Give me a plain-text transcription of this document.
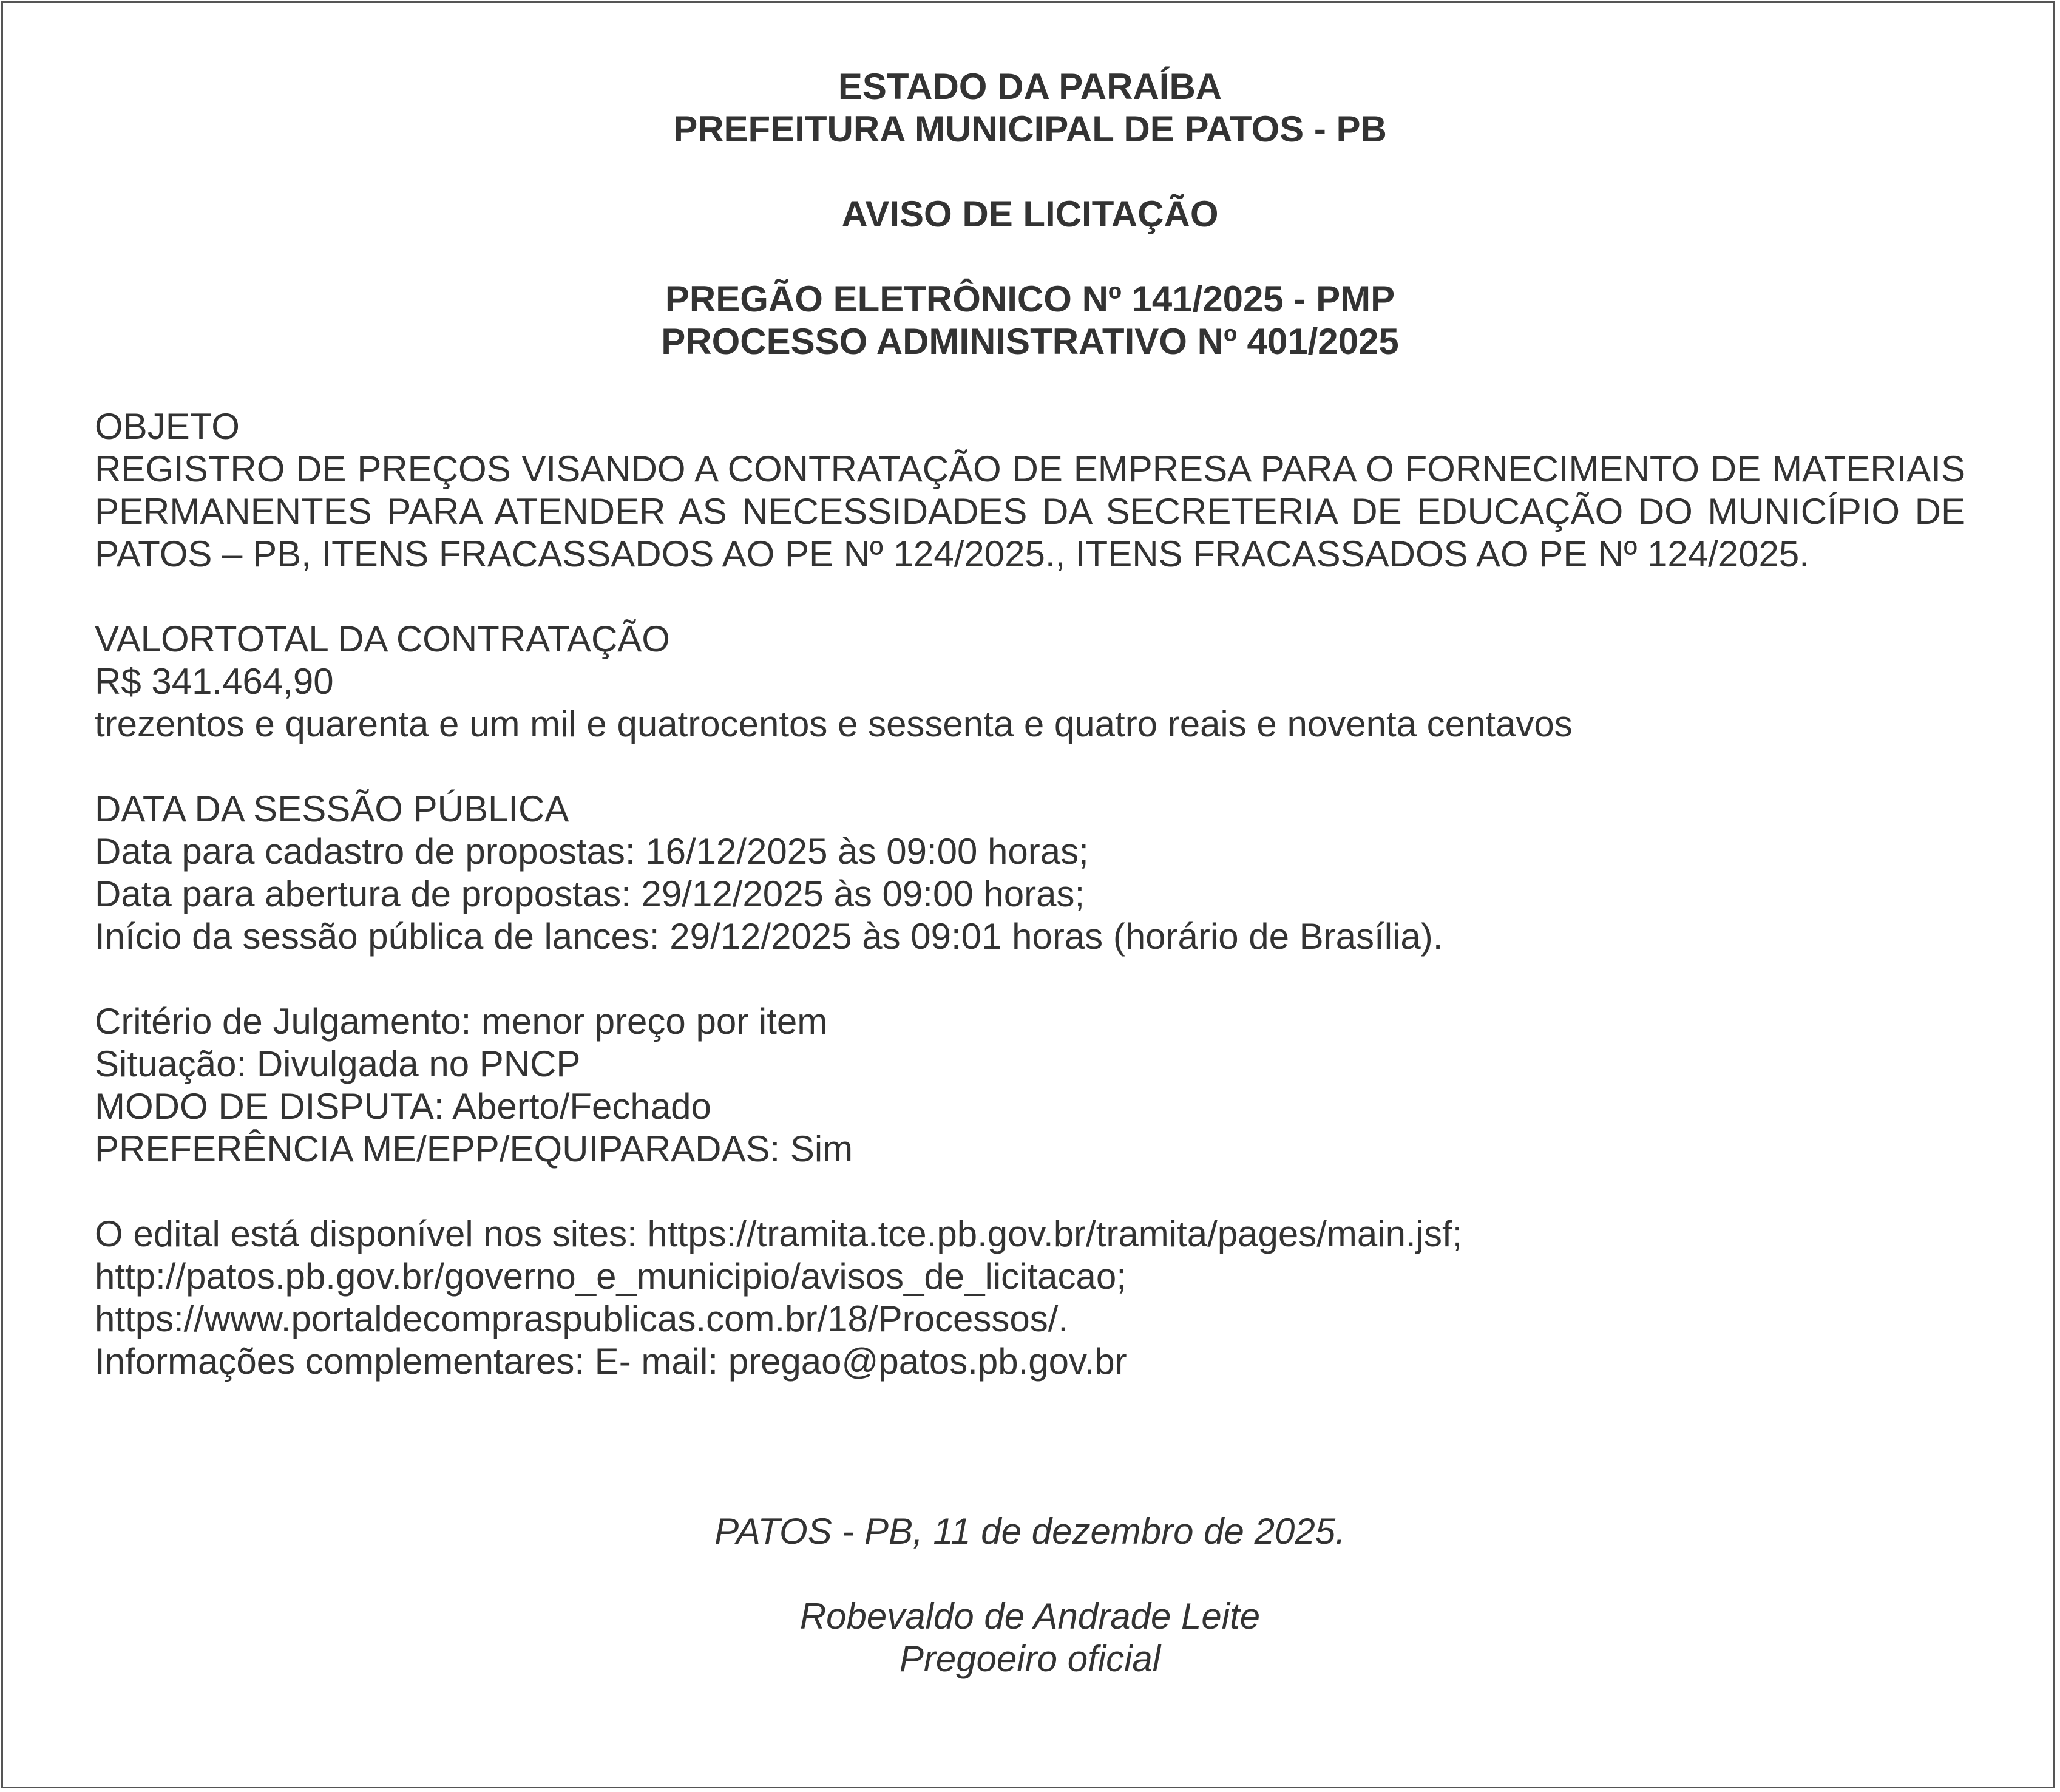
ESTADO DA PARAÍBA

PREFEITURA MUNICIPAL DE PATOS - PB

AVISO DE LICITAÇÃO

PREGÃO ELETRÔNICO Nº 141/2025 - PMP

PROCESSO ADMINISTRATIVO Nº 401/2025

OBJETO

REGISTRO DE PREÇOS VISANDO A CONTRATAÇÃO DE EMPRESA PARA O FORNECIMENTO DE MATERIAIS PERMANENTES PARA ATENDER AS NECESSIDADES DA SECRETERIA DE EDUCAÇÃO DO MUNICÍPIO DE PATOS – PB, ITENS FRACASSADOS AO PE Nº 124/2025., ITENS FRACASSADOS AO PE Nº 124/2025.

VALORTOTAL DA CONTRATAÇÃO

R$ 341.464,90

trezentos e quarenta e um mil e quatrocentos e sessenta e quatro reais e noventa centavos

DATA DA SESSÃO PÚBLICA

Data para cadastro de propostas: 16/12/2025 às 09:00 horas;

Data para abertura de propostas: 29/12/2025 às 09:00 horas;

Início da sessão pública de lances: 29/12/2025 às 09:01 horas (horário de Brasília).

Critério de Julgamento: menor preço por item

Situação: Divulgada no PNCP

MODO DE DISPUTA: Aberto/Fechado

PREFERÊNCIA ME/EPP/EQUIPARADAS: Sim

O edital está disponível nos sites: https://tramita.tce.pb.gov.br/tramita/pages/main.jsf;

http://patos.pb.gov.br/governo_e_municipio/avisos_de_licitacao;

https://www.portaldecompraspublicas.com.br/18/Processos/.

Informações complementares: E- mail: pregao@patos.pb.gov.br

PATOS - PB, 11 de dezembro de 2025.

Robevaldo de Andrade Leite

Pregoeiro oficial
